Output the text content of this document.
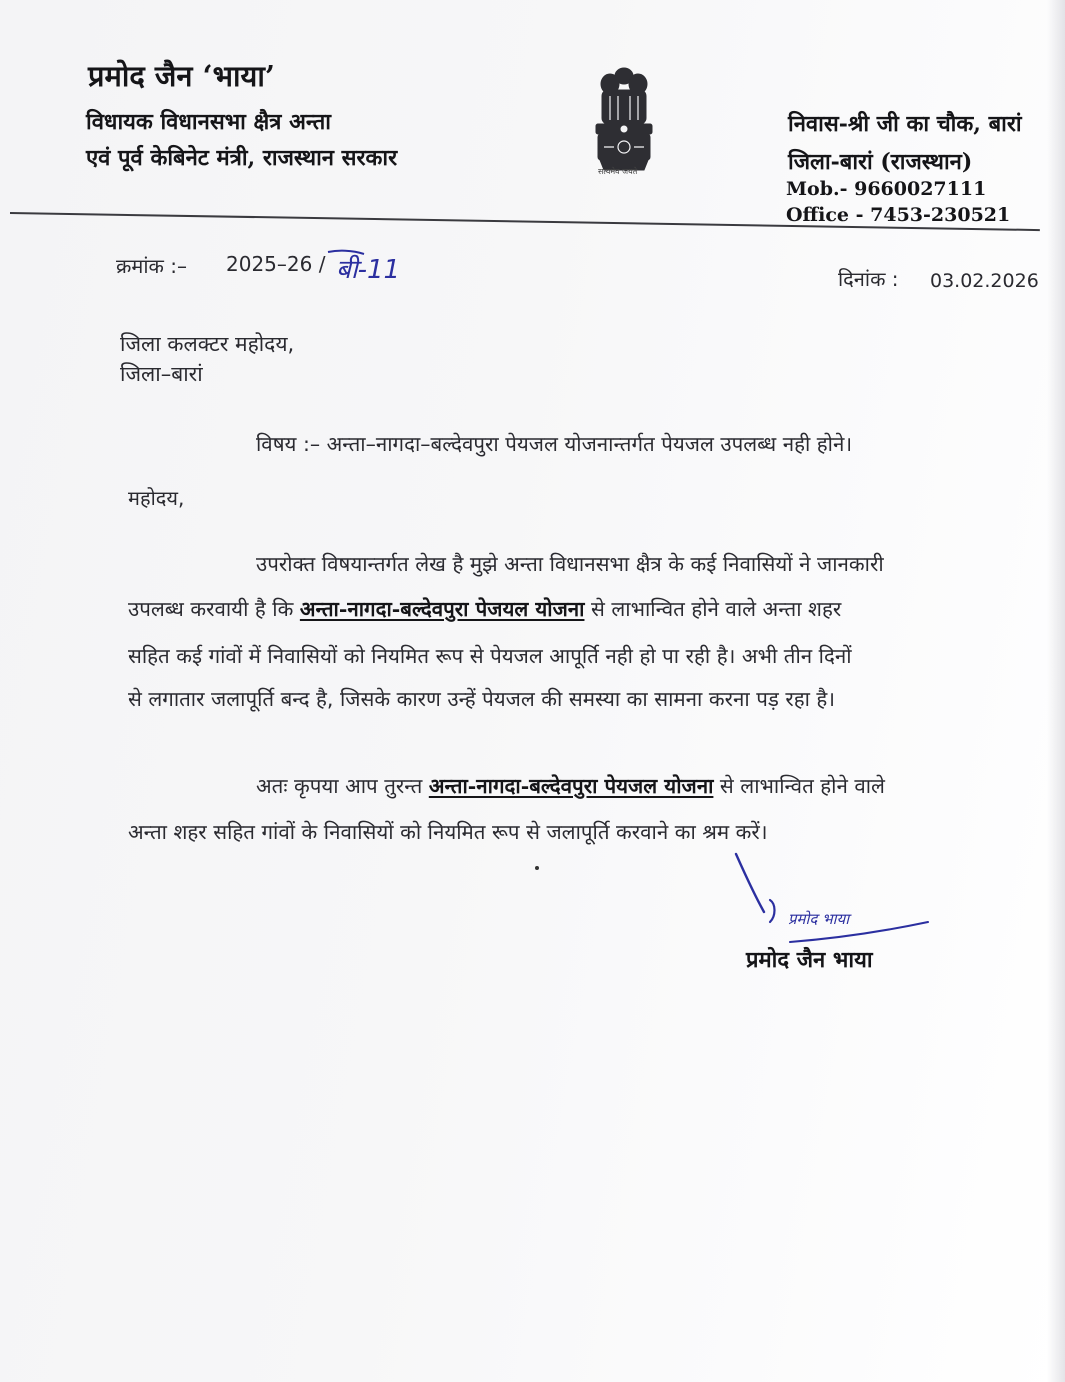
प्रमोद जैन ‘भाया’
विधायक विधानसभा क्षैत्र अन्ता
एवं पूर्व केबिनेट मंत्री, राजस्थान सरकार
सत्यमेव जयते
निवास-श्री जी का चौक, बारां
जिला-बारां (राजस्थान)
Mob.- 9660027111
Office - 7453-230521
क्रमांक :– 2025–26 / बी-11	दिनांक : 03.02.2026
जिला कलक्टर महोदय,
जिला–बारां
विषय :– अन्ता–नागदा–बल्देवपुरा पेयजल योजनान्तर्गत पेयजल उपलब्ध नही होने।
महोदय,
उपरोक्त विषयान्तर्गत लेख है मुझे अन्ता विधानसभा क्षैत्र के कई निवासियों ने जानकारी
उपलब्ध करवायी है कि अन्ता-नागदा-बल्देवपुरा पेजयल योजना से लाभान्वित होने वाले अन्ता शहर
सहित कई गांवों में निवासियों को नियमित रूप से पेयजल आपूर्ति नही हो पा रही है। अभी तीन दिनों
से लगातार जलापूर्ति बन्द है, जिसके कारण उन्हें पेयजल की समस्या का सामना करना पड़ रहा है।
अतः कृपया आप तुरन्त अन्ता-नागदा-बल्देवपुरा पेयजल योजना से लाभान्वित होने वाले
अन्ता शहर सहित गांवों के निवासियों को नियमित रूप से जलापूर्ति करवाने का श्रम करें।
प्रमोद भाया
प्रमोद जैन भाया
